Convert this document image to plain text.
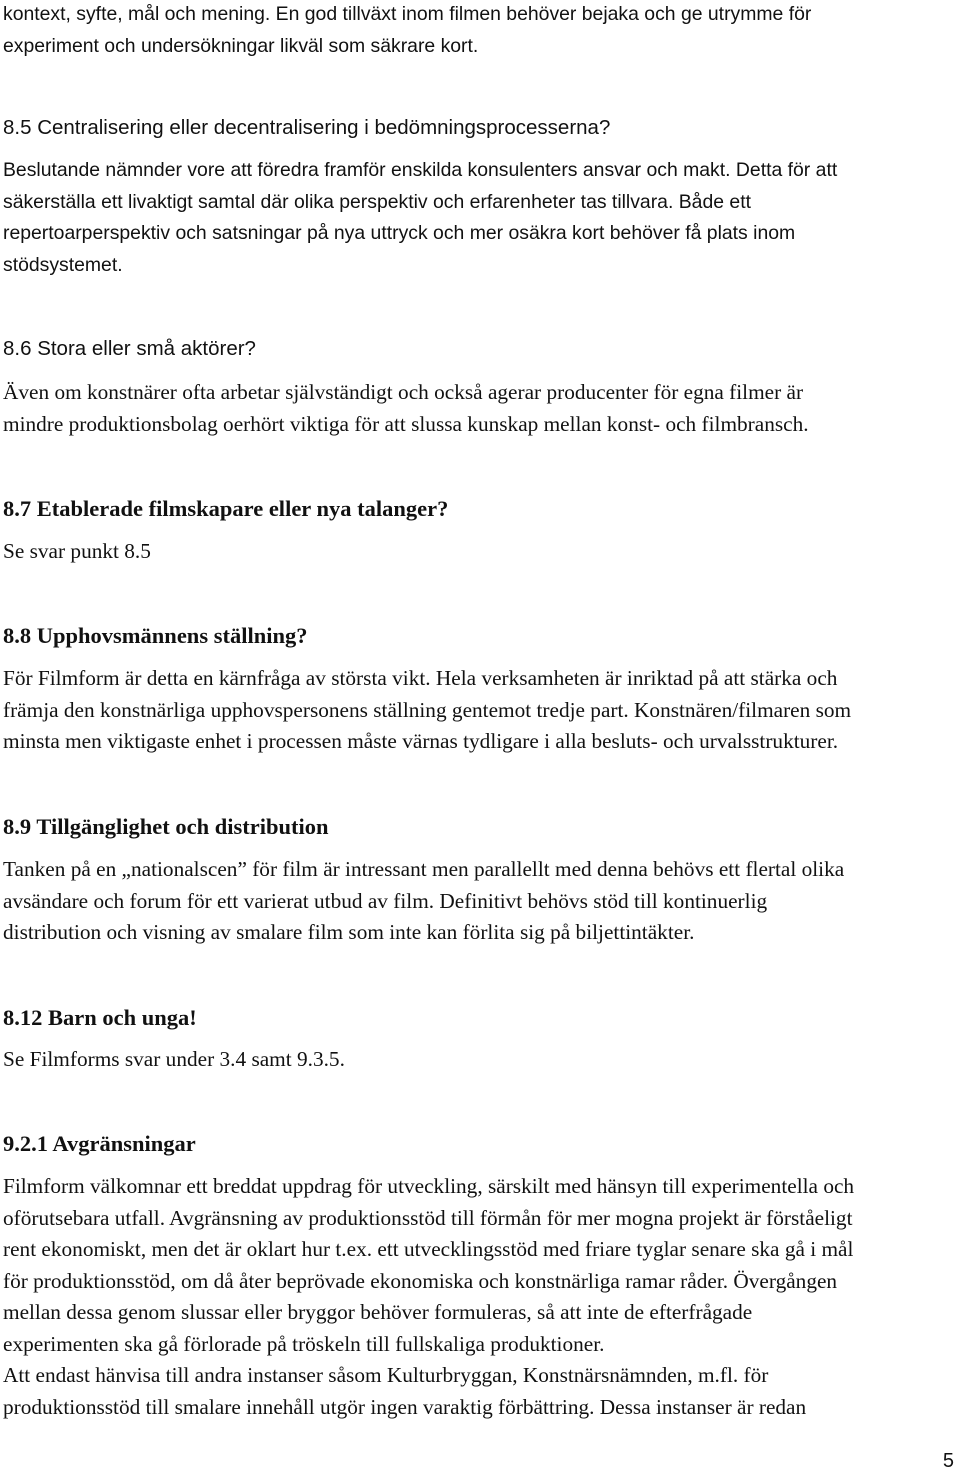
kontext, syfte, mål och mening. En god tillväxt inom filmen behöver bejaka och ge utrymme för
experiment och undersökningar likväl som säkrare kort.
8.5 Centralisering eller decentralisering i bedömningsprocesserna?
Beslutande nämnder vore att föredra framför enskilda konsulenters ansvar och makt. Detta för att
säkerställa ett livaktigt samtal där olika perspektiv och erfarenheter tas tillvara. Både ett
repertoarperspektiv och satsningar på nya uttryck och mer osäkra kort behöver få plats inom
stödsystemet.
8.6 Stora eller små aktörer?
Även om konstnärer ofta arbetar självständigt och också agerar producenter för egna filmer är
mindre produktionsbolag oerhört viktiga för att slussa kunskap mellan konst- och filmbransch.
8.7 Etablerade filmskapare eller nya talanger?
Se svar punkt 8.5
8.8 Upphovsmännens ställning?
För Filmform är detta en kärnfråga av största vikt. Hela verksamheten är inriktad på att stärka och
främja den konstnärliga upphovspersonens ställning gentemot tredje part. Konstnären/filmaren som
minsta men viktigaste enhet i processen måste värnas tydligare i alla besluts- och urvalsstrukturer.
8.9 Tillgänglighet och distribution
Tanken på en „nationalscen” för film är intressant men parallellt med denna behövs ett flertal olika
avsändare och forum för ett varierat utbud av film. Definitivt behövs stöd till kontinuerlig
distribution och visning av smalare film som inte kan förlita sig på biljettintäkter.
8.12 Barn och unga!
Se Filmforms svar under 3.4 samt 9.3.5.
9.2.1 Avgränsningar
Filmform välkomnar ett breddat uppdrag för utveckling, särskilt med hänsyn till experimentella och
oförutsebara utfall. Avgränsning av produktionsstöd till förmån för mer mogna projekt är förståeligt
rent ekonomiskt, men det är oklart hur t.ex. ett utvecklingsstöd med friare tyglar senare ska gå i mål
för produktionsstöd, om då åter beprövade ekonomiska och konstnärliga ramar råder. Övergången
mellan dessa genom slussar eller bryggor behöver formuleras, så att inte de efterfrågade
experimenten ska gå förlorade på tröskeln till fullskaliga produktioner.
Att endast hänvisa till andra instanser såsom Kulturbryggan, Konstnärsnämnden, m.fl. för
produktionsstöd till smalare innehåll utgör ingen varaktig förbättring. Dessa instanser är redan
5
